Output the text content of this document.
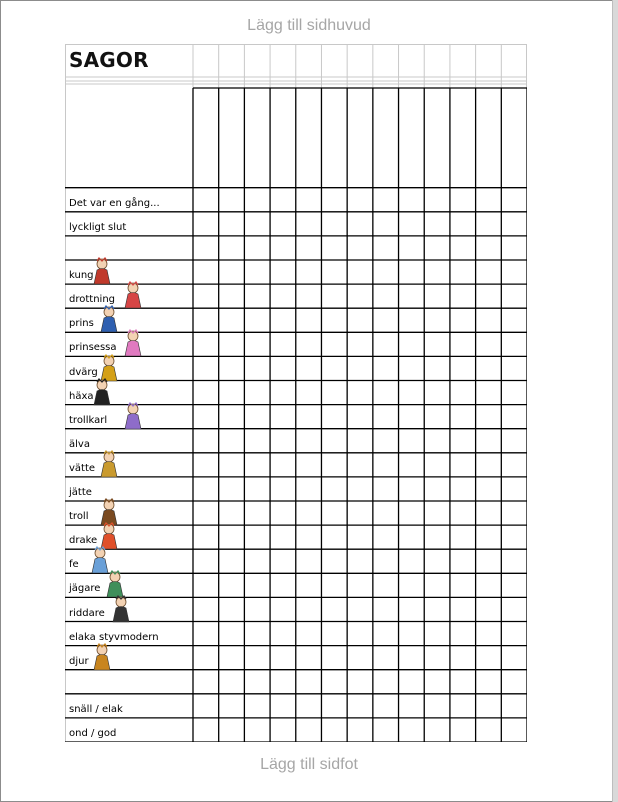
Lägg till sidhuvud
SAGOR
Det var en gång...
lyckligt slut
kung
drottning
prins
prinsessa
dvärg
häxa
trollkarl
älva
vätte
jätte
troll
drake
fe
jägare
riddare
elaka styvmodern
djur
snäll / elak
ond / god
Lägg till sidfot
